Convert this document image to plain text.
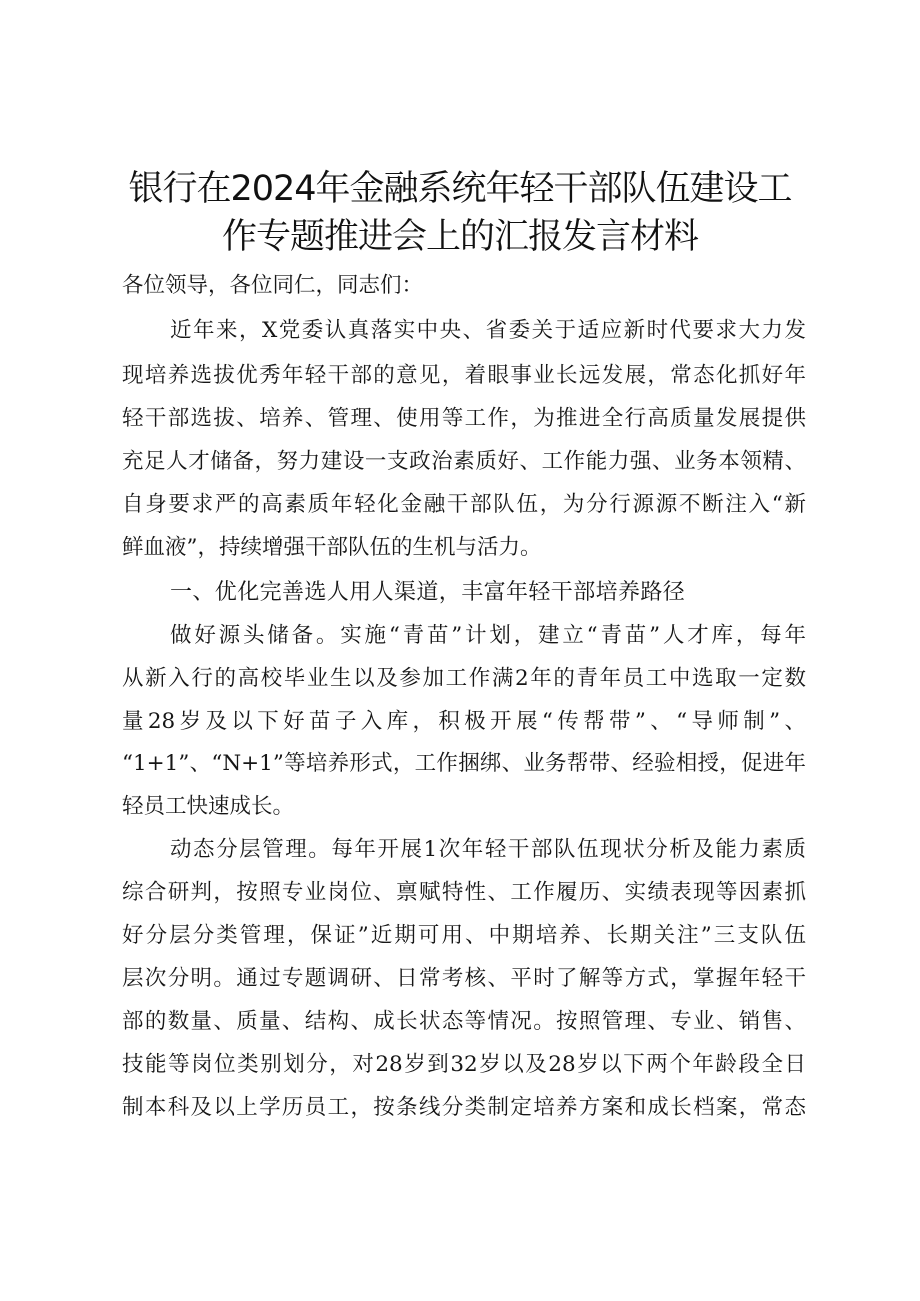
银行在2024年金融系统年轻干部队伍建设工
作专题推进会上的汇报发言材料

各位领导，各位同仁，同志们：

近年来，X党委认真落实中央、省委关于适应新时代要求大力发

现培养选拔优秀年轻干部的意见，着眼事业长远发展，常态化抓好年

轻干部选拔、培养、管理、使用等工作，为推进全行高质量发展提供

充足人才储备，努力建设一支政治素质好、工作能力强、业务本领精、

自身要求严的高素质年轻化金融干部队伍，为分行源源不断注入“新

鲜血液”，持续增强干部队伍的生机与活力。

一、优化完善选人用人渠道，丰富年轻干部培养路径

做好源头储备。实施“青苗”计划，建立“青苗”人才库，每年

从新入行的高校毕业生以及参加工作满2年的青年员工中选取一定数

量28岁及以下好苗子入库，积极开展“传帮带”、“导师制”、

“1+1”、“N+1”等培养形式，工作捆绑、业务帮带、经验相授，促进年

轻员工快速成长。

动态分层管理。每年开展1次年轻干部队伍现状分析及能力素质

综合研判，按照专业岗位、禀赋特性、工作履历、实绩表现等因素抓

好分层分类管理，保证”近期可用、中期培养、长期关注”三支队伍

层次分明。通过专题调研、日常考核、平时了解等方式，掌握年轻干

部的数量、质量、结构、成长状态等情况。按照管理、专业、销售、

技能等岗位类别划分，对28岁到32岁以及28岁以下两个年龄段全日

制本科及以上学历员工，按条线分类制定培养方案和成长档案，常态
